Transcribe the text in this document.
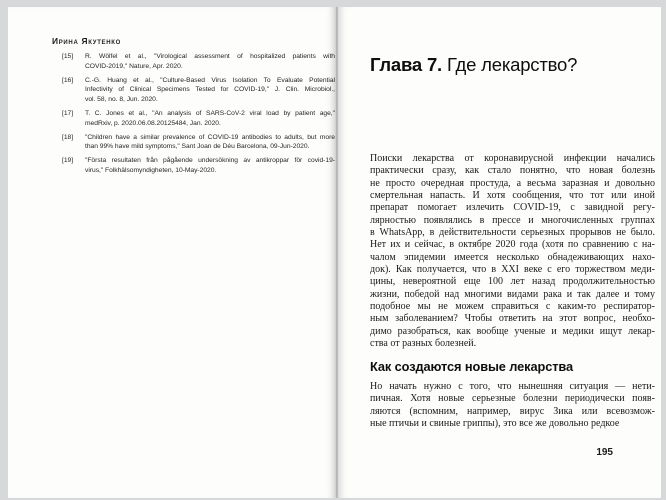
Ирина Якутенко
[15]	R. Wölfel et al., "Virological assessment of hospitalized patients with
COVID-2019," Nature, Apr. 2020.
[16]	C.-G. Huang et al., "Culture-Based Virus Isolation To Evaluate Potential
Infectivity of Clinical Specimens Tested for COVID-19," J. Clin. Microbiol.,
vol. 58, no. 8, Jun. 2020.
[17]	T. C. Jones et al., "An analysis of SARS-CoV-2 viral load by patient age,"
medRxiv, p. 2020.06.08.20125484, Jan. 2020.
[18]	"Children have a similar prevalence of COVID-19 antibodies to adults, but more
than 99% have mild symptoms," Sant Joan de Déu Barcelona, 09-Jun-2020.
[19]	"Första resultaten från pågående undersökning av antikroppar för covid-19-
virus," Folkhälsomyndigheten, 10-May-2020.
Глава 7. Где лекарство?
Поиски лекарства от коронавирусной инфекции начались
практически сразу, как стало понятно, что новая болезнь
не просто очередная простуда, а весьма заразная и довольно
смертельная напасть. И хотя сообщения, что тот или иной
препарат помогает излечить COVID-19, с завидной регу-
лярностью появлялись в прессе и многочисленных группах
в WhatsApp, в действительности серьезных прорывов не было.
Нет их и сейчас, в октябре 2020 года (хотя по сравнению с на-
чалом эпидемии имеется несколько обнадеживающих нахо-
док). Как получается, что в XXI веке с его торжеством меди-
цины, невероятной еще 100 лет назад продолжительностью
жизни, победой над многими видами рака и так далее и тому
подобное мы не можем справиться с каким-то респиратор-
ным заболеванием? Чтобы ответить на этот вопрос, необхо-
димо разобраться, как вообще ученые и медики ищут лекар-
ства от разных болезней.
Как создаются новые лекарства
Но начать нужно с того, что нынешняя ситуация — нети-
пичная. Хотя новые серьезные болезни периодически появ-
ляются (вспомним, например, вирус Зика или всевозмож-
ные птичьи и свиные гриппы), это все же довольно редкое
195
